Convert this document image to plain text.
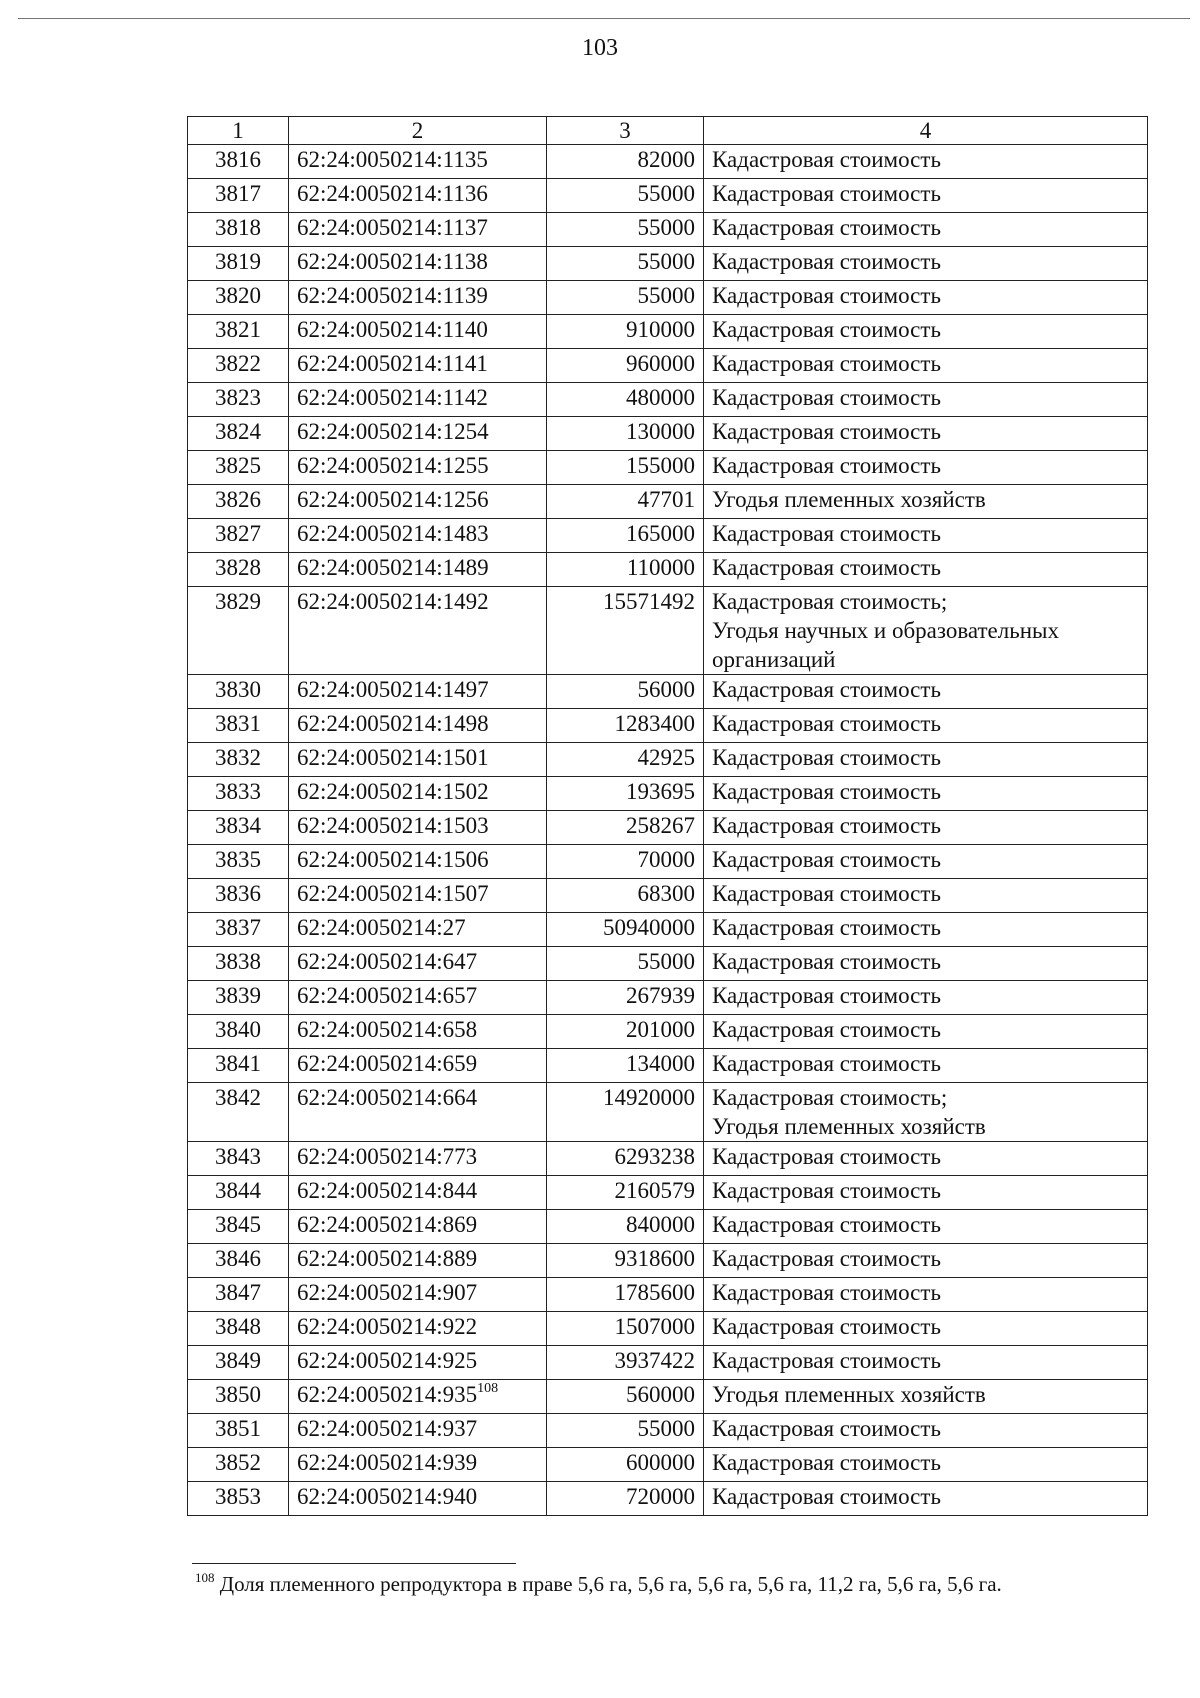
103
1	2	3	4
3816	62:24:0050214:1135	82000	Кадастровая стоимость

3817	62:24:0050214:1136	55000	Кадастровая стоимость

3818	62:24:0050214:1137	55000	Кадастровая стоимость

3819	62:24:0050214:1138	55000	Кадастровая стоимость

3820	62:24:0050214:1139	55000	Кадастровая стоимость

3821	62:24:0050214:1140	910000	Кадастровая стоимость

3822	62:24:0050214:1141	960000	Кадастровая стоимость

3823	62:24:0050214:1142	480000	Кадастровая стоимость

3824	62:24:0050214:1254	130000	Кадастровая стоимость

3825	62:24:0050214:1255	155000	Кадастровая стоимость

3826	62:24:0050214:1256	47701	Угодья племенных хозяйств

3827	62:24:0050214:1483	165000	Кадастровая стоимость

3828	62:24:0050214:1489	110000	Кадастровая стоимость

3829	62:24:0050214:1492	15571492	Кадастровая стоимость;
Угодья научных и образовательных
организаций

3830	62:24:0050214:1497	56000	Кадастровая стоимость

3831	62:24:0050214:1498	1283400	Кадастровая стоимость

3832	62:24:0050214:1501	42925	Кадастровая стоимость

3833	62:24:0050214:1502	193695	Кадастровая стоимость

3834	62:24:0050214:1503	258267	Кадастровая стоимость

3835	62:24:0050214:1506	70000	Кадастровая стоимость

3836	62:24:0050214:1507	68300	Кадастровая стоимость

3837	62:24:0050214:27	50940000	Кадастровая стоимость

3838	62:24:0050214:647	55000	Кадастровая стоимость

3839	62:24:0050214:657	267939	Кадастровая стоимость

3840	62:24:0050214:658	201000	Кадастровая стоимость

3841	62:24:0050214:659	134000	Кадастровая стоимость

3842	62:24:0050214:664	14920000	Кадастровая стоимость;
Угодья племенных хозяйств

3843	62:24:0050214:773	6293238	Кадастровая стоимость

3844	62:24:0050214:844	2160579	Кадастровая стоимость

3845	62:24:0050214:869	840000	Кадастровая стоимость

3846	62:24:0050214:889	9318600	Кадастровая стоимость

3847	62:24:0050214:907	1785600	Кадастровая стоимость

3848	62:24:0050214:922	1507000	Кадастровая стоимость

3849	62:24:0050214:925	3937422	Кадастровая стоимость

3850	$62:24:0050214:935^{108}$	560000	Угодья племенных хозяйств

3851	62:24:0050214:937	55000	Кадастровая стоимость

3852	62:24:0050214:939	600000	Кадастровая стоимость

3853	62:24:0050214:940	720000	Кадастровая стоимость
$^{108}$ Доля племенного репродуктора в праве 5,6 га, 5,6 га, 5,6 га, 5,6 га, 11,2 га, 5,6 га, 5,6 га.
